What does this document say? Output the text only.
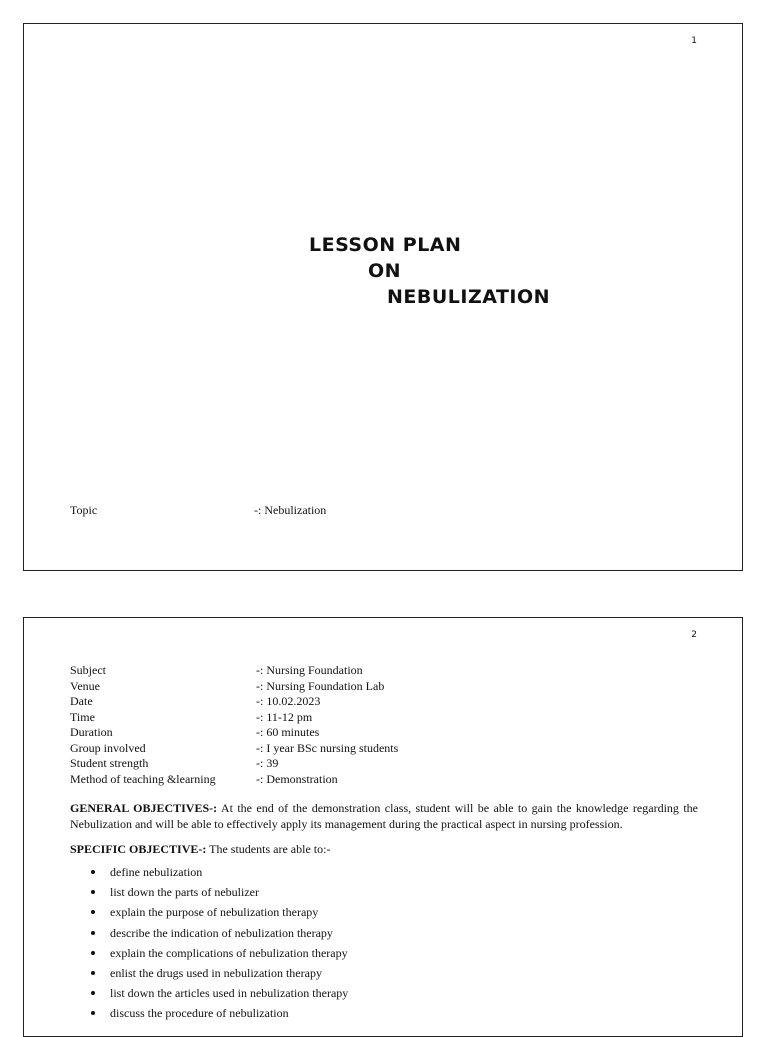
1
LESSON PLAN
ON
NEBULIZATION
Topic	-: Nebulization
2
Subject	-: Nursing Foundation
Venue	-: Nursing Foundation Lab
Date	-: 10.02.2023
Time	-: 11-12 pm
Duration	-: 60 minutes
Group involved	-: I year BSc nursing students
Student strength	-: 39
Method of teaching &learning	-: Demonstration
GENERAL OBJECTIVES-: At the end of the demonstration class, student will be able to gain the knowledge regarding the Nebulization and will be able to effectively apply its management during the practical aspect in nursing profession.
SPECIFIC OBJECTIVE-: The students are able to:-
define nebulization
list down the parts of nebulizer
explain the purpose of nebulization therapy
describe the indication of nebulization therapy
explain the complications of nebulization therapy
enlist the drugs used in nebulization therapy
list down the articles used in nebulization therapy
discuss the procedure of nebulization
